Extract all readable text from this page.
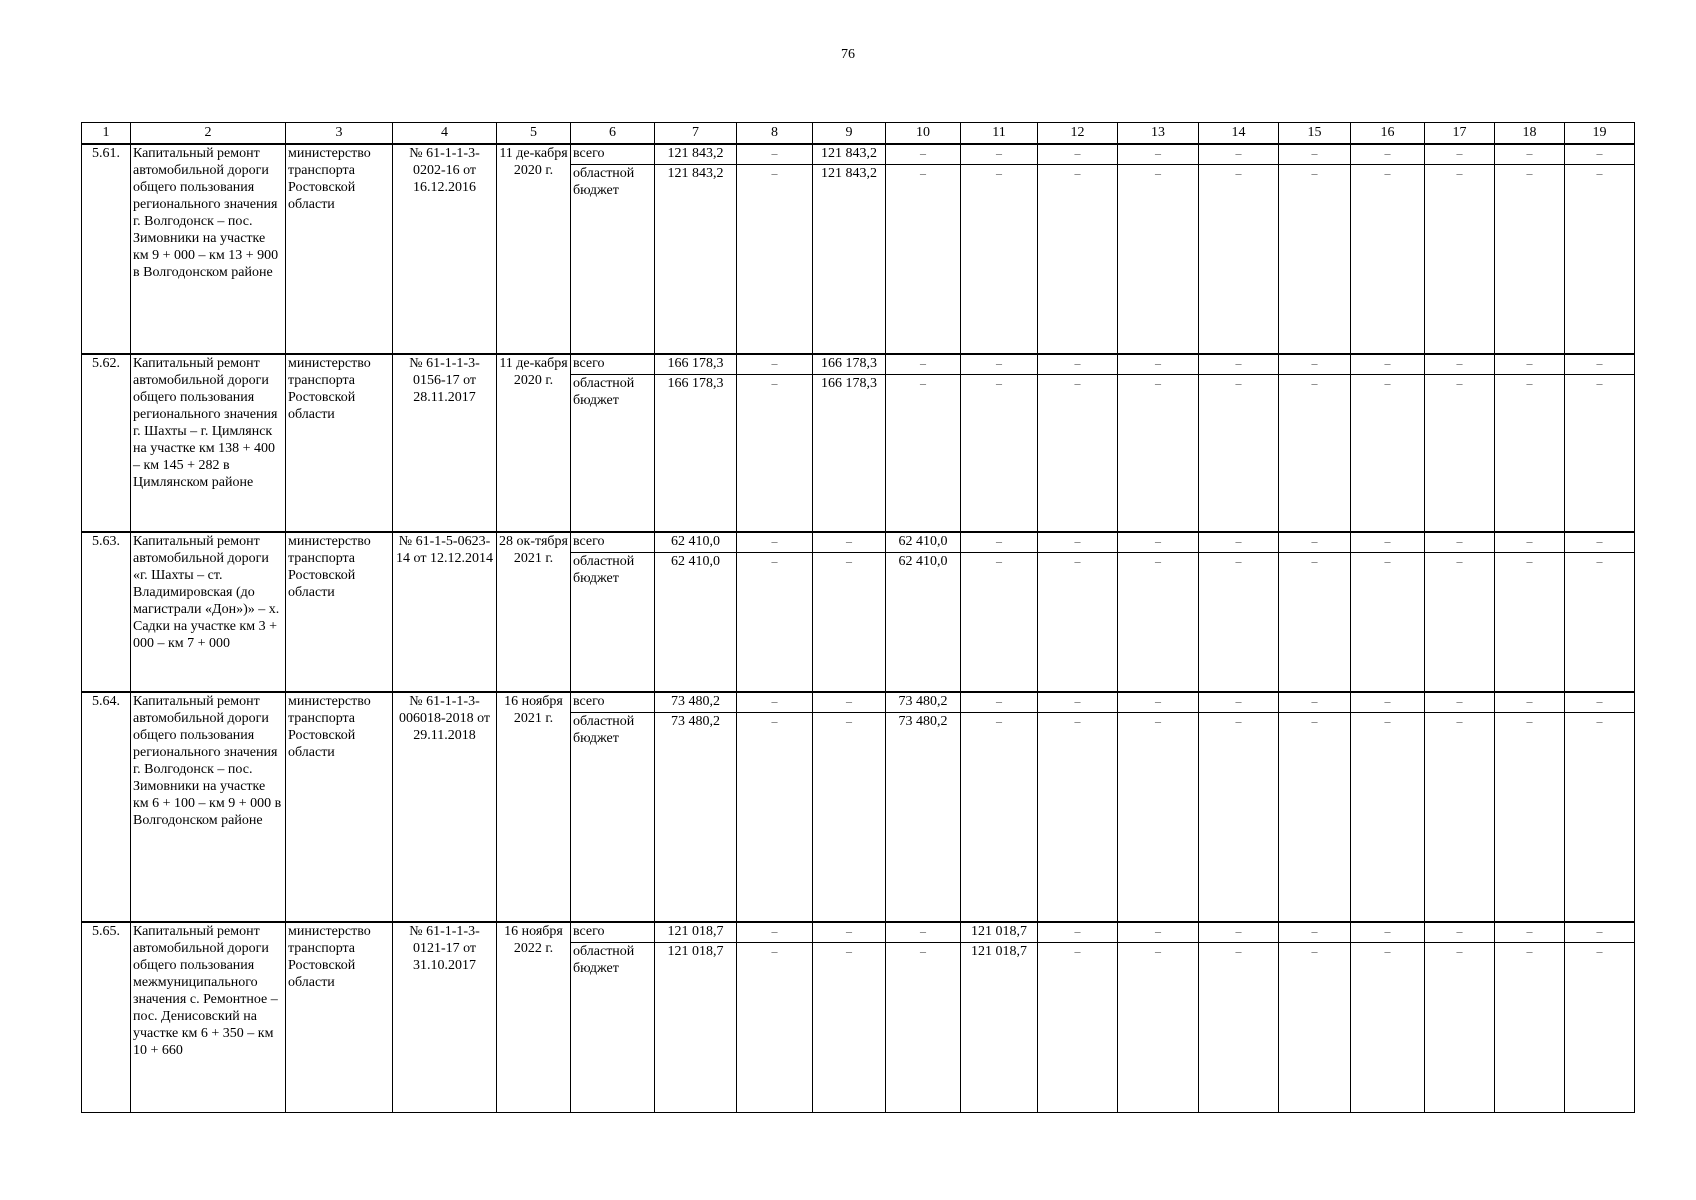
76
1	2	3	4	5	6	7	8	9	10	11	12	13	14	15	16	17	18	19
5.61.	Капитальный ремонт автомобильной дороги общего пользования регионального значения г. Волгодонск – пос. Зимовники на участке км 9 + 000 – км 13 + 900 в Волгодонском районе	министерство транспорта Ростовской области	№ 61-1-1-3-0202-16 от 16.12.2016	11 де-кабря 2020 г.	всего	121 843,2	–	121 843,2	–	–	–	–	–	–	–	–	–	–
					областной бюджет	121 843,2	–	121 843,2	–	–	–	–	–	–	–	–	–	–
5.62.	Капитальный ремонт автомобильной дороги общего пользования регионального значения г. Шахты – г. Цимлянск на участке км 138 + 400 – км 145 + 282 в Цимлянском районе	министерство транспорта Ростовской области	№ 61-1-1-3-0156-17 от 28.11.2017	11 де-кабря 2020 г.	всего	166 178,3	–	166 178,3	–	–	–	–	–	–	–	–	–	–
					областной бюджет	166 178,3	–	166 178,3	–	–	–	–	–	–	–	–	–	–
5.63.	Капитальный ремонт автомобильной дороги «г. Шахты – ст. Владимировская (до магистрали «Дон»)» – х. Садки на участке км 3 + 000 – км 7 + 000	министерство транспорта Ростовской области	№ 61-1-5-0623-14 от 12.12.2014	28 ок-тября 2021 г.	всего	62 410,0	–	–	62 410,0	–	–	–	–	–	–	–	–	–
					областной бюджет	62 410,0	–	–	62 410,0	–	–	–	–	–	–	–	–	–
5.64.	Капитальный ремонт автомобильной дороги общего пользования регионального значения г. Волгодонск – пос. Зимовники на участке км 6 + 100 – км 9 + 000 в Волгодонском районе	министерство транспорта Ростовской области	№ 61-1-1-3-006018-2018 от 29.11.2018	16 ноября 2021 г.	всего	73 480,2	–	–	73 480,2	–	–	–	–	–	–	–	–	–
					областной бюджет	73 480,2	–	–	73 480,2	–	–	–	–	–	–	–	–	–
5.65.	Капитальный ремонт автомобильной дороги общего пользования межмуниципального значения с. Ремонтное – пос. Денисовский на участке км 6 + 350 – км 10 + 660	министерство транспорта Ростовской области	№ 61-1-1-3-0121-17 от 31.10.2017	16 ноября 2022 г.	всего	121 018,7	–	–	–	121 018,7	–	–	–	–	–	–	–	–
					областной бюджет	121 018,7	–	–	–	121 018,7	–	–	–	–	–	–	–	–
